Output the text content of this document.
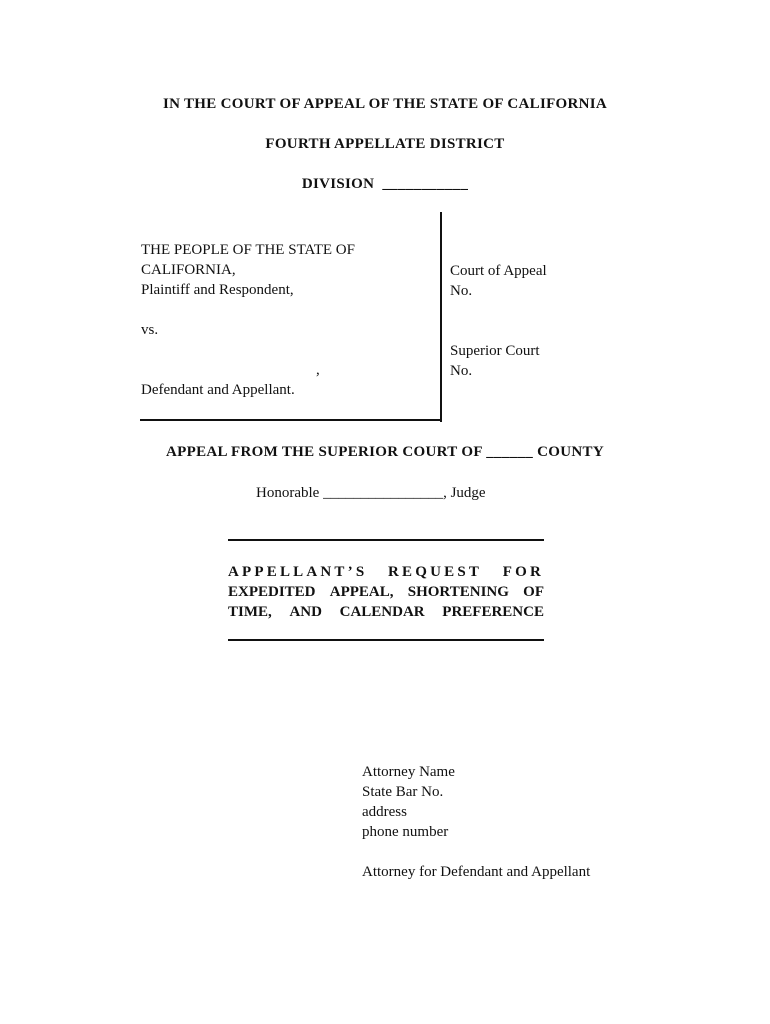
IN THE COURT OF APPEAL OF THE STATE OF CALIFORNIA
FOURTH APPELLATE DISTRICT
DIVISION ___________
THE PEOPLE OF THE STATE OF
CALIFORNIA,
Plaintiff and Respondent,
vs.
,
Defendant and Appellant.
Court of Appeal
No.
Superior Court
No.
APPEAL FROM THE SUPERIOR COURT OF ______ COUNTY
Honorable ________________, Judge
APPELLANT’S REQUEST FOR
EXPEDITED APPEAL, SHORTENING OF
TIME, AND CALENDAR PREFERENCE
Attorney Name
State Bar No.
address
phone number
Attorney for Defendant and Appellant
